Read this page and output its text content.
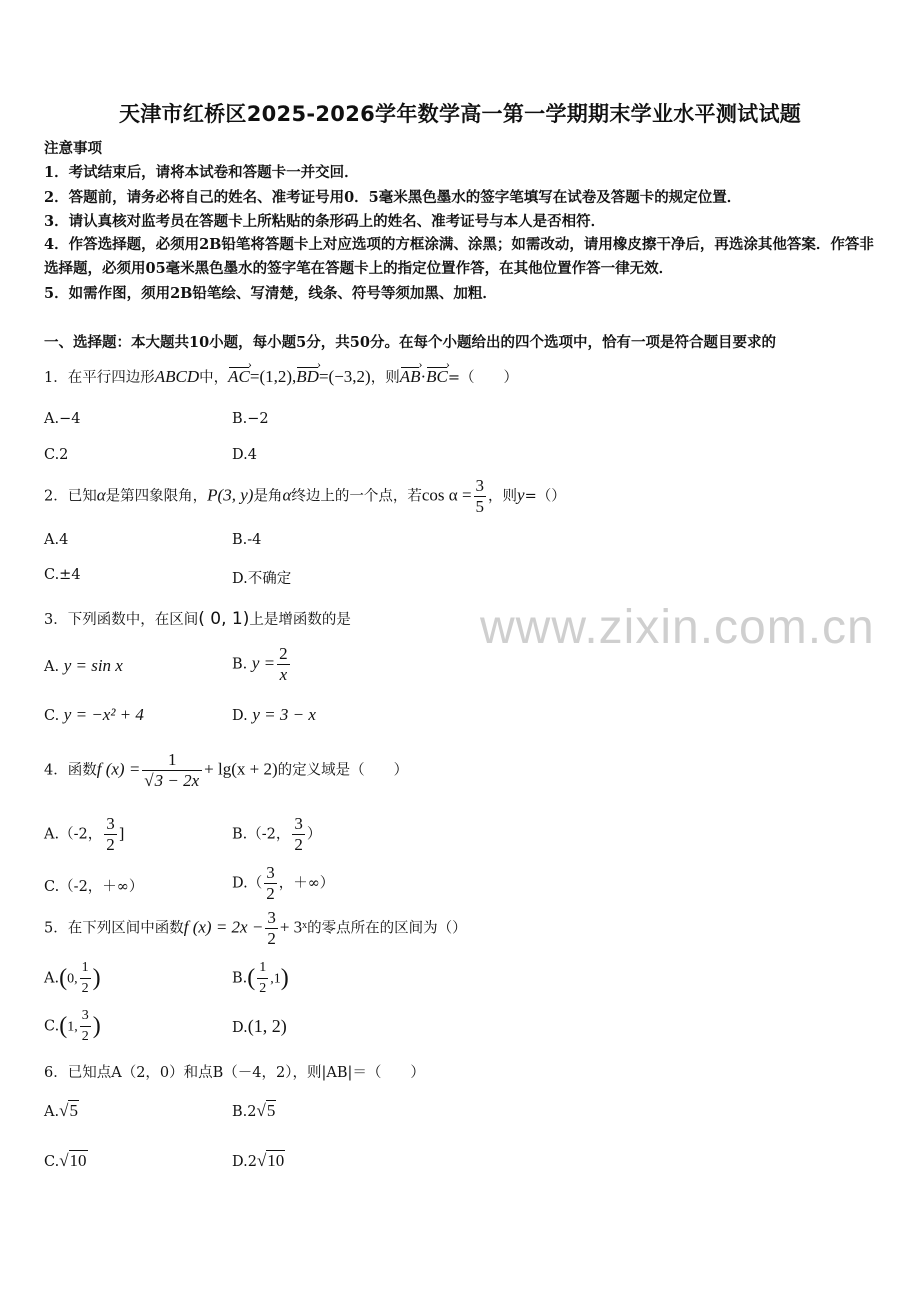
天津市红桥区2025-2026学年数学高一第一学期期末学业水平测试试题
注意事项
1．考试结束后，请将本试卷和答题卡一并交回．
2．答题前，请务必将自己的姓名、准考证号用0．5毫米黑色墨水的签字笔填写在试卷及答题卡的规定位置．
3．请认真核对监考员在答题卡上所粘贴的条形码上的姓名、准考证号与本人是否相符．
4．作答选择题，必须用2B铅笔将答题卡上对应选项的方框涂满、涂黑；如需改动，请用橡皮擦干净后，再选涂其他答案．作答非选择题，必须用05毫米黑色墨水的签字笔在答题卡上的指定位置作答，在其他位置作答一律无效．
5．如需作图，须用2B铅笔绘、写清楚，线条、符号等须加黑、加粗．
一、选择题：本大题共10小题，每小题5分，共50分。在每个小题给出的四个选项中，恰有一项是符合题目要求的
1．在平行四边形ABCD中，AC ›=(1,2),BD ›=(−3,2)，则AB ›·BC ›=（　　）
A.−4	B.−2
C.2	D.4
2．已知α是第四象限角，P(3, y)是角α终边上的一个点，若$\cos \alpha = \frac{3}{5}$ ，则y=（）
A.4	B.-4
C.±4	D.不确定
3．下列函数中，在区间( 0, 1)上是增函数的是
A. y = sin x	B. $y = \frac{2}{x}$
C. y = −x² + 4	D. y = 3 − x
4．函数f $(x) = \frac{1}{√3 - 2x} + \lg(x + 2)$的定义域是（　　）
A.（-2， $\frac{3}{2}$ ]	B.（-2， $\frac{3}{2}$ ）
C.（-2，＋∞）	$D.( \frac{3}{2}$ ，＋∞）
5．在下列区间中函数f $(x) = 2x - \frac{3}{2}$ + 3ˣ的零点所在的区间为（）
A.(0, $\frac{1}{2}$ )	$B.( \frac{1}{2} ,1)$
C.(1, $\frac{3}{2}$ )	D.(1, 2)
6．已知点A（2，0）和点B（－4，2），则|AB|＝（　　）
A.√5	B.2√5
C.√10	D.2√10
www.zixin.com.cn
